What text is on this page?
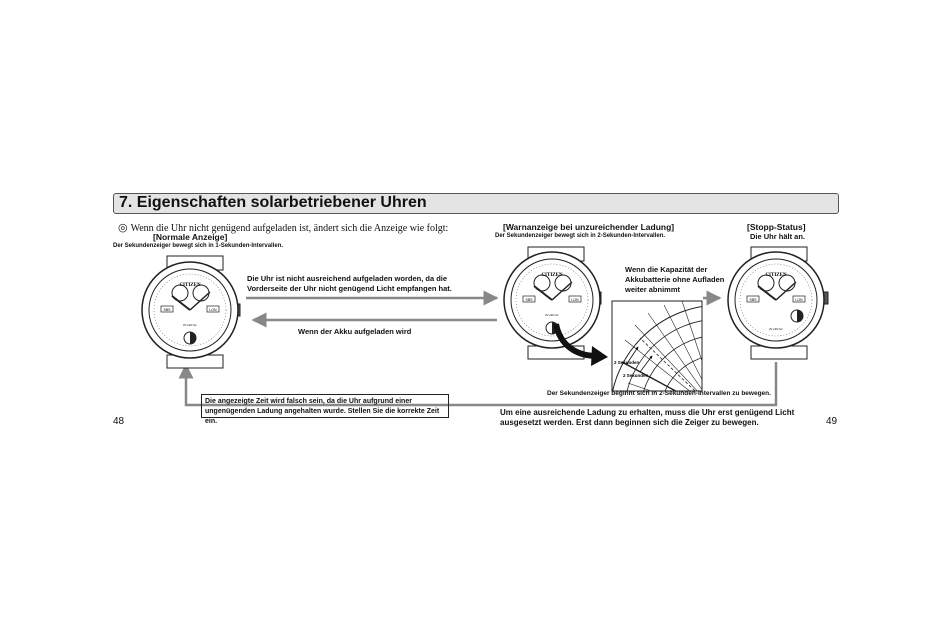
7. Eigenschaften solarbetriebener Uhren
◎ Wenn die Uhr nicht genügend aufgeladen ist, ändert sich die Anzeige wie folgt:
[Normale Anzeige]
Der Sekundenzeiger bewegt sich in 1-Sekunden-Intervallen.
[Warnanzeige bei unzureichender Ladung]
Der Sekundenzeiger bewegt sich in 2-Sekunden-Intervallen.
[Stopp-Status]
Die Uhr hält an.
Die Uhr ist nicht ausreichend aufgeladen worden, da die Vorderseite der Uhr nicht genügend Licht empfangen hat.
Wenn der Akku aufgeladen wird
Wenn die Kapazität der Akkubatterie ohne Aufladen weiter abnimmt
CITIZEN
SBS	LON
EcoDrive
CITIZEN
SBS	LON
EcoDrive
CITIZEN
SBS	LON
EcoDrive
2 Sekunden
2 Sekunden
Der Sekundenzeiger beginnt sich in 2-Sekunden-Intervallen zu bewegen.
Die angezeigte Zeit wird falsch sein, da die Uhr aufgrund einer ungenügenden Ladung angehalten wurde. Stellen Sie die korrekte Zeit ein.
Um eine ausreichende Ladung zu erhalten, muss die Uhr erst genügend Licht ausgesetzt werden. Erst dann beginnen sich die Zeiger zu bewegen.
48	49
